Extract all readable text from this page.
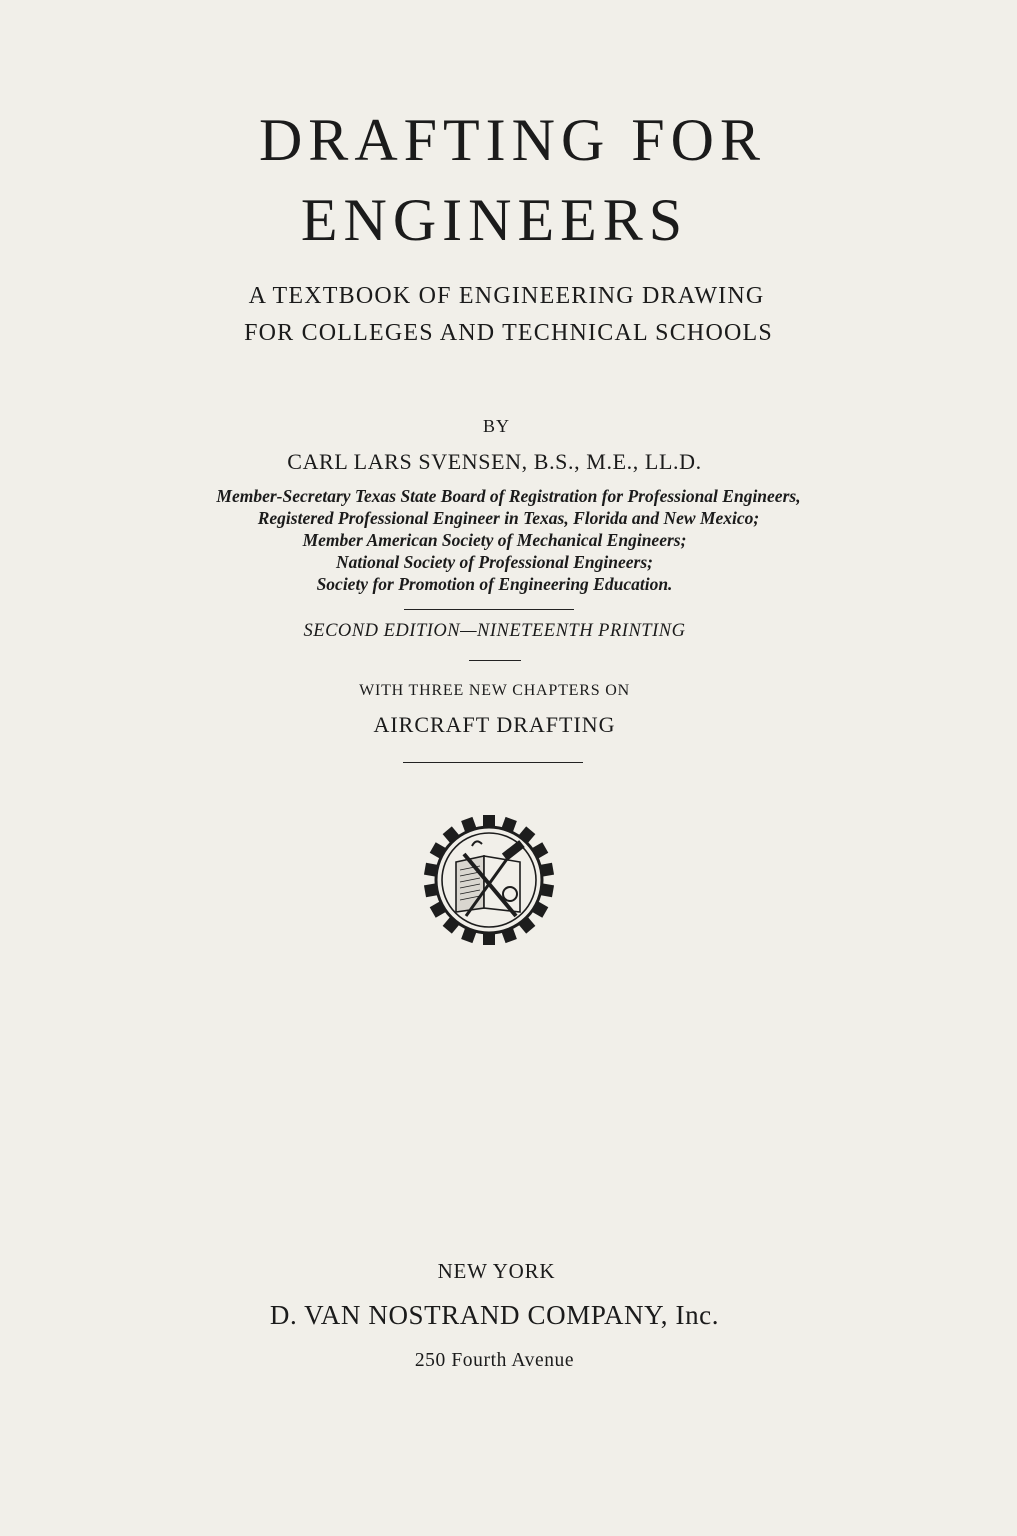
DRAFTING FOR
ENGINEERS
A TEXTBOOK OF ENGINEERING DRAWING
FOR COLLEGES AND TECHNICAL SCHOOLS
BY
CARL LARS SVENSEN, B.S., M.E., LL.D.
Member-Secretary Texas State Board of Registration for Professional Engineers,
Registered Professional Engineer in Texas, Florida and New Mexico;
Member American Society of Mechanical Engineers;
National Society of Professional Engineers;
Society for Promotion of Engineering Education.
SECOND EDITION—NINETEENTH PRINTING
WITH THREE NEW CHAPTERS ON
AIRCRAFT DRAFTING
NEW YORK
D. VAN NOSTRAND COMPANY, Inc.
250 Fourth Avenue
